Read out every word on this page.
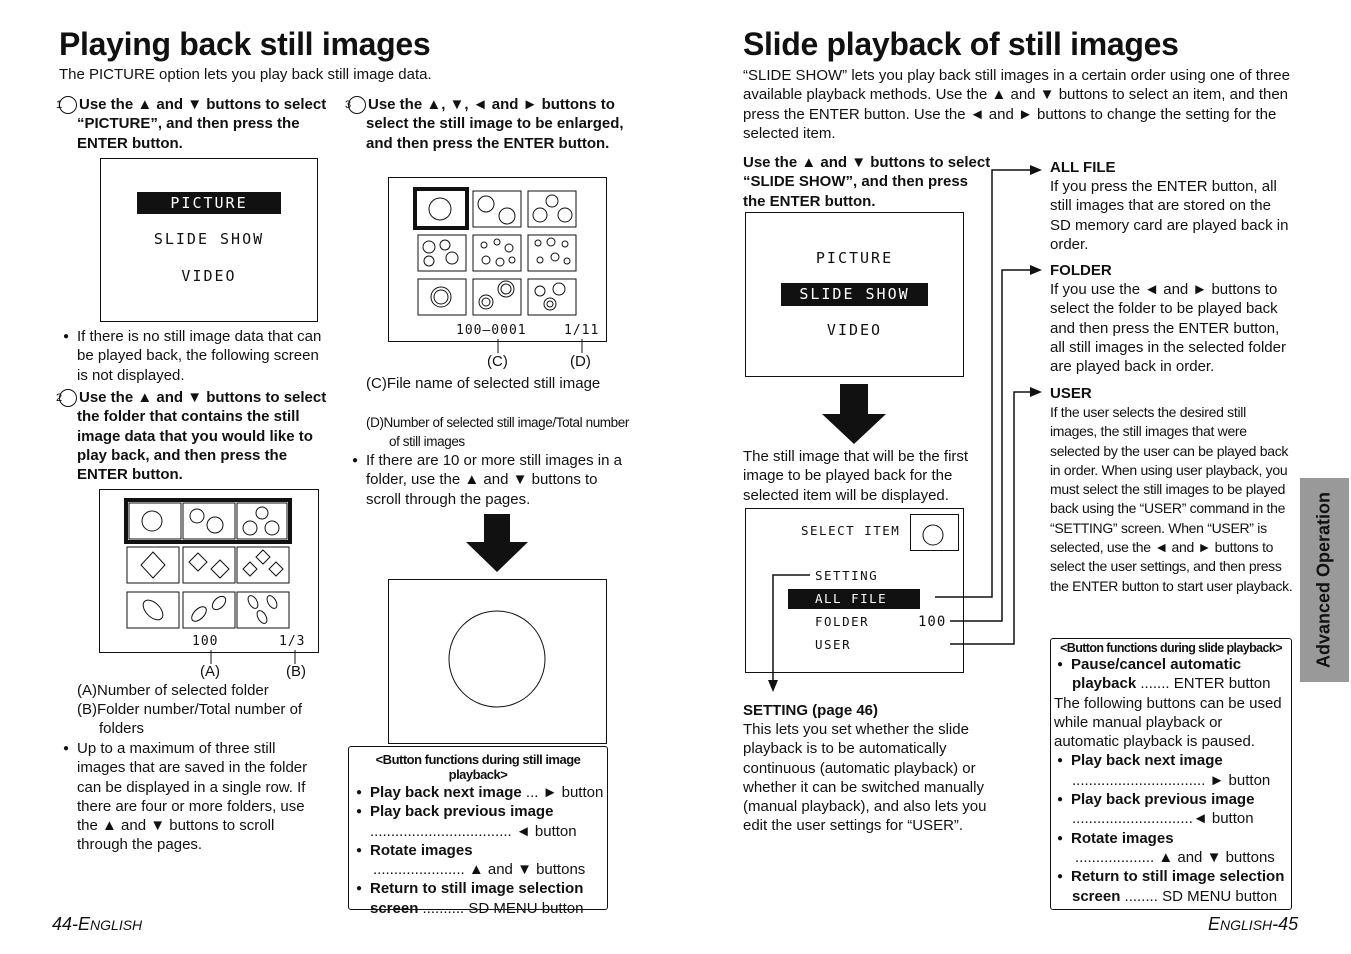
Playing back still images
The PICTURE option lets you play back still image data.
1 Use the ▲ and ▼ buttons to select “PICTURE”, and then press the ENTER button.
PICTURE
SLIDE SHOW
VIDEO
● If there is no still image data that can be played back, the following screen is not displayed.
2 Use the ▲ and ▼ buttons to select the folder that contains the still image data that you would like to play back, and then press the ENTER button.
100	1/3
(A)	(B)
(A)Number of selected folder
(B)Folder number/Total number of folders
● Up to a maximum of three still images that are saved in the folder can be displayed in a single row. If there are four or more folders, use the ▲ and ▼ buttons to scroll through the pages.
3 Use the ▲, ▼, ◄ and ► buttons to select the still image to be enlarged, and then press the ENTER button.
100–0001	1/11
(C)	(D)
(C)File name of selected still image
(D)Number of selected still image/Total number of still images
● If there are 10 or more still images in a folder, use the ▲ and ▼ buttons to scroll through the pages.
<Button functions during still image playback>
● Play back next image ... ► button
● Play back previous image
.................................. ◄ button
● Rotate images
...................... ▲ and ▼ buttons
● Return to still image selection
screen .......... SD MENU button
44-ENGLISH
Slide playback of still images
“SLIDE SHOW” lets you play back still images in a certain order using one of three available playback methods. Use the ▲ and ▼ buttons to select an item, and then press the ENTER button. Use the ◄ and ► buttons to change the setting for the selected item.
Use the ▲ and ▼ buttons to select “SLIDE SHOW”, and then press the ENTER button.
PICTURE
SLIDE SHOW
VIDEO
The still image that will be the first image to be played back for the selected item will be displayed.
SELECT ITEM
SETTING
ALL FILE
FOLDER	100
USER
SETTING (page 46)
This lets you set whether the slide playback is to be automatically continuous (automatic playback) or whether it can be switched manually (manual playback), and also lets you edit the user settings for “USER”.
ALL FILE
If you press the ENTER button, all still images that are stored on the SD memory card are played back in order.
FOLDER
If you use the ◄ and ► buttons to select the folder to be played back and then press the ENTER button, all still images in the selected folder are played back in order.
USER
If the user selects the desired still images, the still images that were selected by the user can be played back in order. When using user playback, you must select the still images to be played back using the “USER” command in the “SETTING” screen. When “USER” is selected, use the ◄ and ► buttons to select the user settings, and then press the ENTER button to start user playback.
<Button functions during slide playback>
● Pause/cancel automatic
playback ....... ENTER button
The following buttons can be used while manual playback or automatic playback is paused.
● Play back next image
................................ ► button
● Play back previous image
.............................◄ button
● Rotate images
................... ▲ and ▼ buttons
● Return to still image selection
screen ........ SD MENU button
Advanced Operation
ENGLISH-45
